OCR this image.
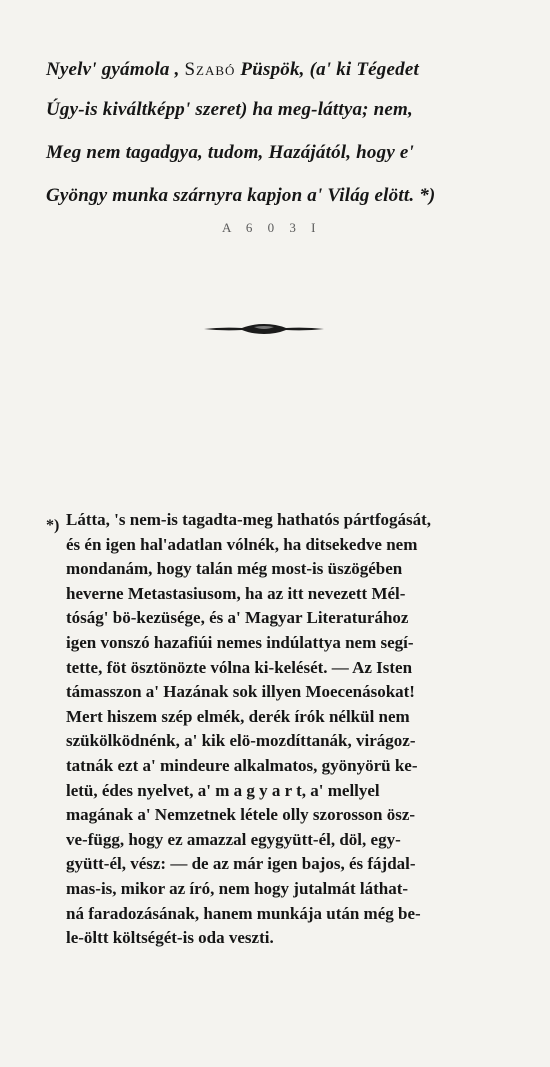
Nyelv' gyámola , Szabó Püspök, (a' ki Tégedet
Úgy-is kiváltképp' szeret) ha meg-láttya; nem,
Meg nem tagadgya, tudom, Hazájától, hogy e'
Gyöngy munka szárnyra kapjon a' Világ elött. *)
A 6 0 3 I
*) Látta, 's nem-is tagadta-meg hathatós pártfogását,
és én igen hal'adatlan vólnék, ha ditsekedve nem
mondanám, hogy talán még most-is üszögében
heverne Metastasiusom, ha az itt nevezett Mél-
tóság' bö-kezüsége, és a' Magyar Literaturához
igen vonszó hazafiúi nemes indúlattya nem segí-
tette, föt ösztönözte vólna ki-kelését. — Az Isten
támasszon a' Hazának sok illyen Moecenásokat!
Mert hiszem szép elmék, derék írók nélkül nem
szükölködnénk, a' kik elö-mozdíttanák, virágoz-
tatnák ezt a' mindeure alkalmatos, gyönyörü ke-
letü, édes nyelvet, a' m a g y a r t, a' mellyel
magának a' Nemzetnek létele olly szorosson ösz-
ve-függ, hogy ez amazzal egygyütt-él, döl, egy-
gyütt-él, vész: — de az már igen bajos, és fájdal-
mas-is, mikor az író, nem hogy jutalmát láthat-
ná faradozásának, hanem munkája után még be-
le-öltt költségét-is oda veszti.
